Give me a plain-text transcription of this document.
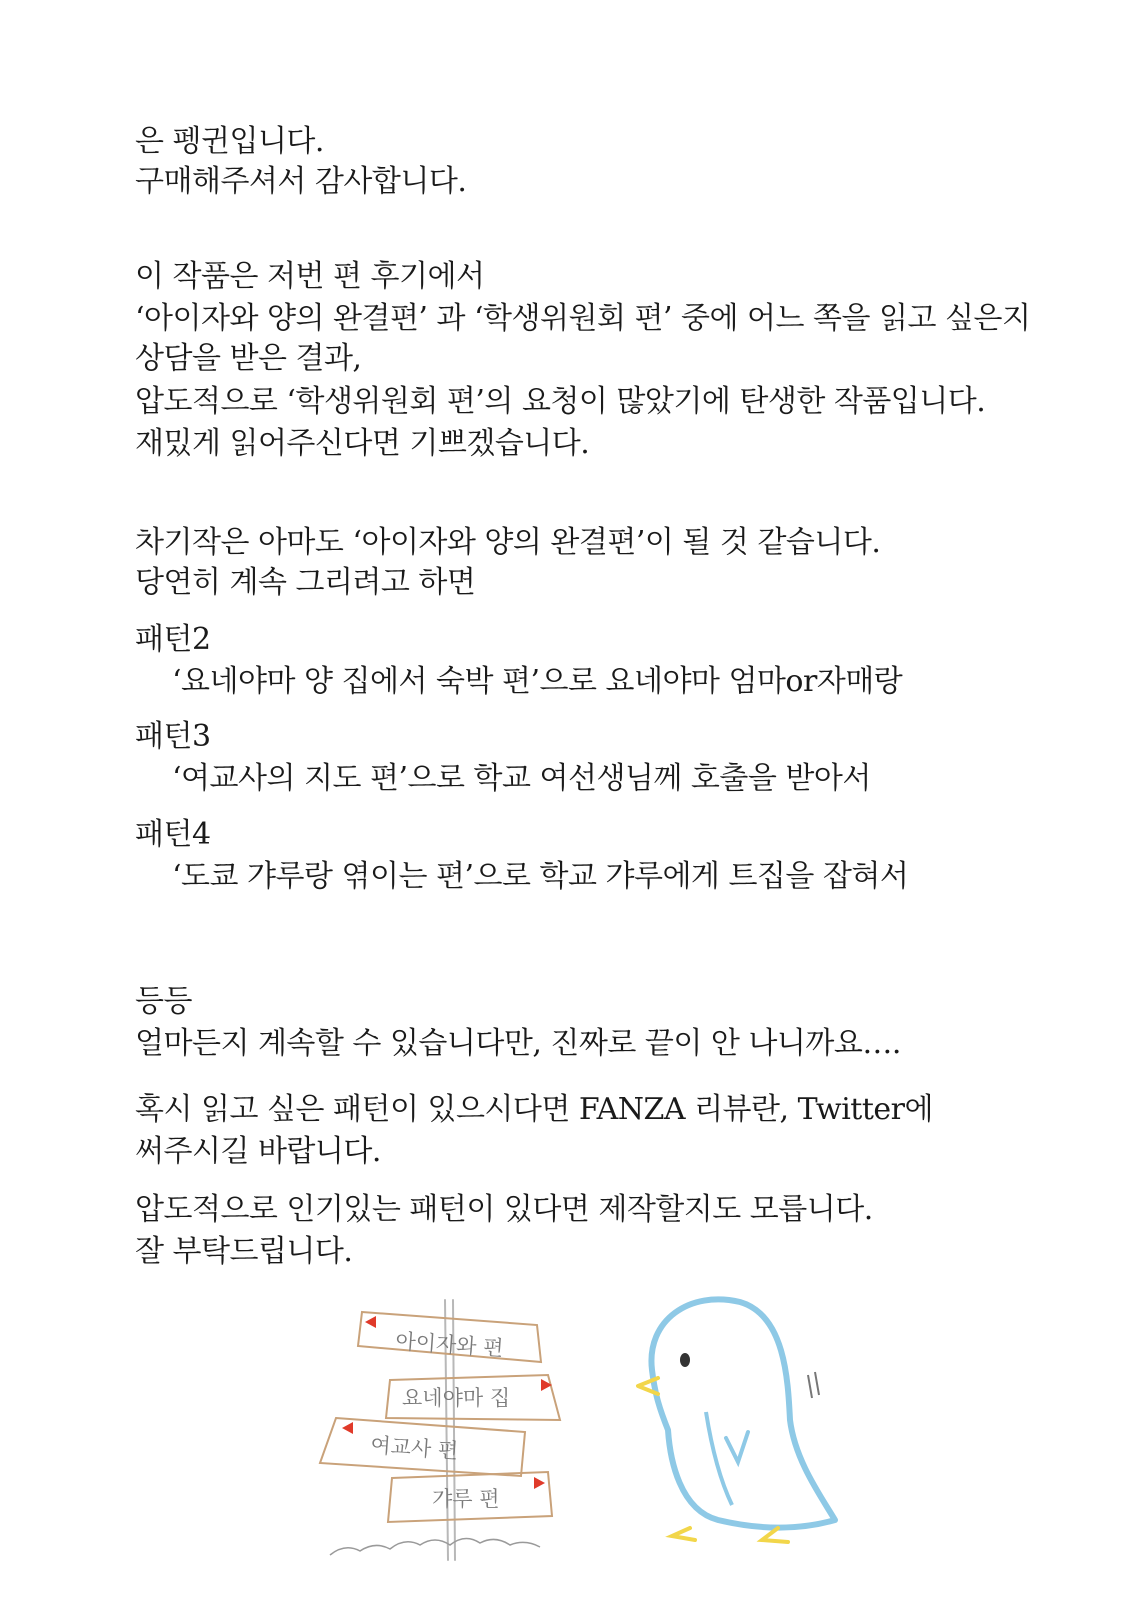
은 펭귄입니다.
구매해주셔서 감사합니다.
이 작품은 저번 편 후기에서
‘아이자와 양의 완결편’ 과 ‘학생위원회 편’ 중에 어느 쪽을 읽고 싶은지
상담을 받은 결과,
압도적으로 ‘학생위원회 편’의 요청이 많았기에 탄생한 작품입니다.
재밌게 읽어주신다면 기쁘겠습니다.
차기작은 아마도 ‘아이자와 양의 완결편’이 될 것 같습니다.
당연히 계속 그리려고 하면
패턴2
‘요네야마 양 집에서 숙박 편’으로 요네야마 엄마or자매랑
패턴3
‘여교사의 지도 편’으로 학교 여선생님께 호출을 받아서
패턴4
‘도쿄 갸루랑 엮이는 편’으로 학교 갸루에게 트집을 잡혀서
등등
얼마든지 계속할 수 있습니다만, 진짜로 끝이 안 나니까요….
혹시 읽고 싶은 패턴이 있으시다면 FANZA 리뷰란, Twitter에
써주시길 바랍니다.
압도적으로 인기있는 패턴이 있다면 제작할지도 모릅니다.
잘 부탁드립니다.
아이자와 편
요네야마 집
여교사 편
갸루 편
